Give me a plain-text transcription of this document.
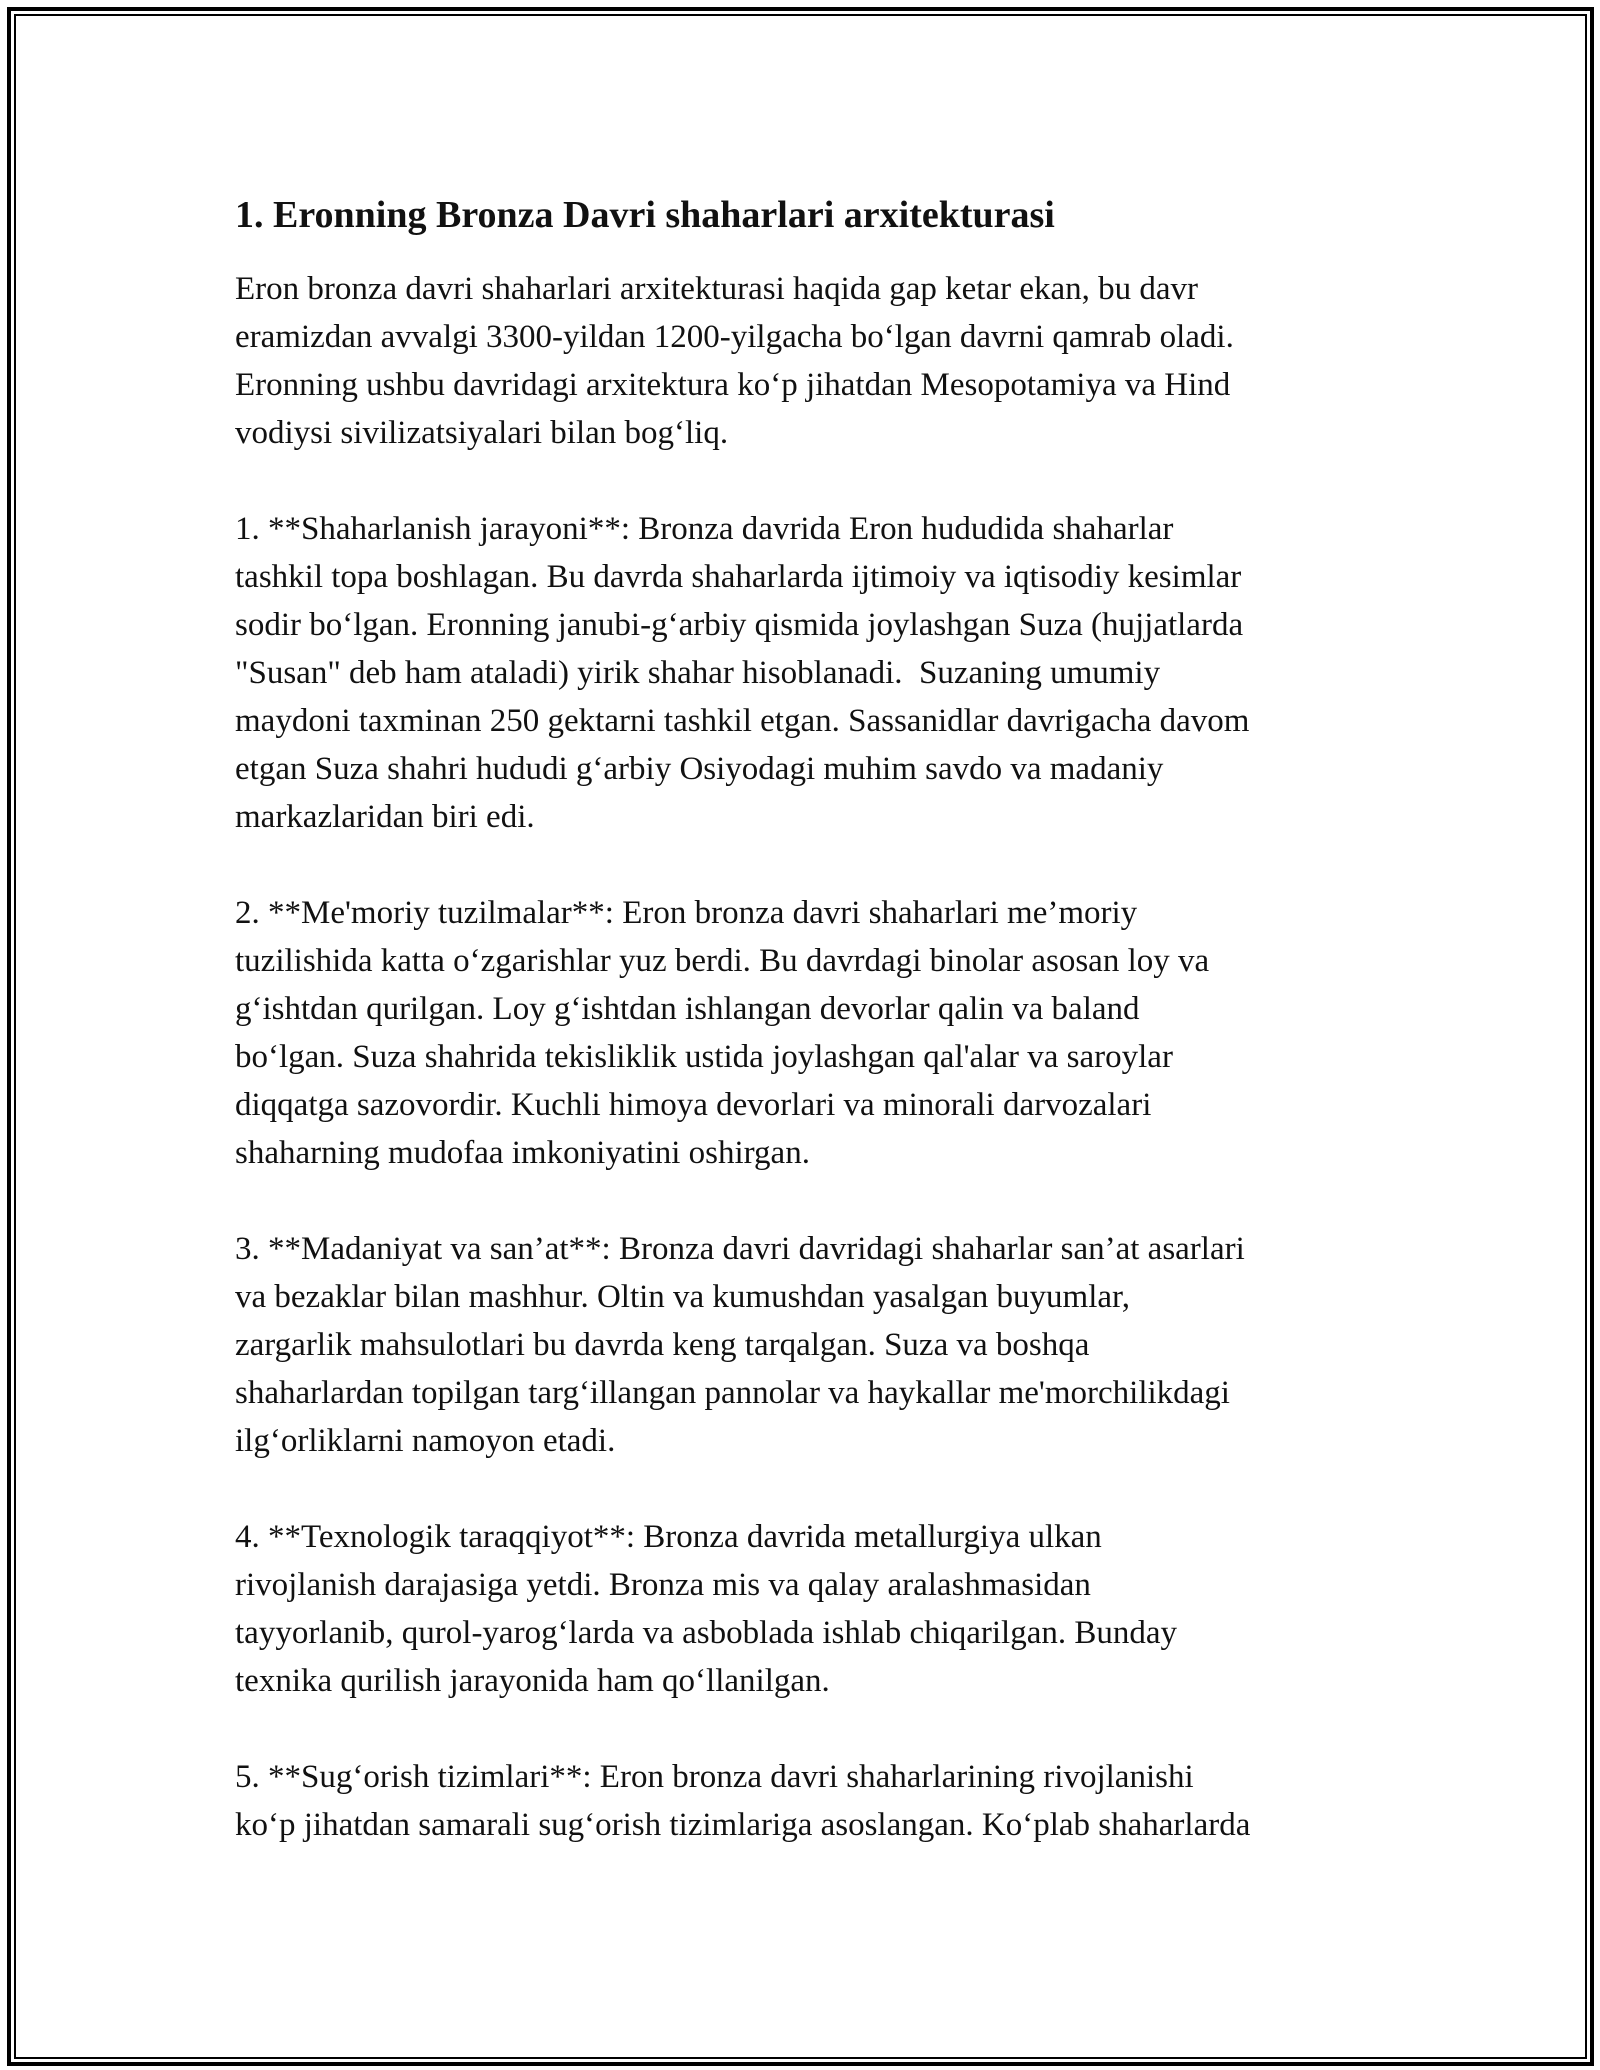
1. Eronning Bronza Davri shaharlari arxitekturasi
Eron bronza davri shaharlari arxitekturasi haqida gap ketar ekan, bu davr
eramizdan avvalgi 3300-yildan 1200-yilgacha bo‘lgan davrni qamrab oladi.
Eronning ushbu davridagi arxitektura ko‘p jihatdan Mesopotamiya va Hind
vodiysi sivilizatsiyalari bilan bog‘liq.
1. **Shaharlanish jarayoni**: Bronza davrida Eron hududida shaharlar
tashkil topa boshlagan. Bu davrda shaharlarda ijtimoiy va iqtisodiy kesimlar
sodir bo‘lgan. Eronning janubi-g‘arbiy qismida joylashgan Suza (hujjatlarda
"Susan" deb ham ataladi) yirik shahar hisoblanadi.  Suzaning umumiy
maydoni taxminan 250 gektarni tashkil etgan. Sassanidlar davrigacha davom
etgan Suza shahri hududi g‘arbiy Osiyodagi muhim savdo va madaniy
markazlaridan biri edi.
2. **Me'moriy tuzilmalar**: Eron bronza davri shaharlari me’moriy
tuzilishida katta o‘zgarishlar yuz berdi. Bu davrdagi binolar asosan loy va
g‘ishtdan qurilgan. Loy g‘ishtdan ishlangan devorlar qalin va baland
bo‘lgan. Suza shahrida tekisliklik ustida joylashgan qal'alar va saroylar
diqqatga sazovordir. Kuchli himoya devorlari va minorali darvozalari
shaharning mudofaa imkoniyatini oshirgan.
3. **Madaniyat va san’at**: Bronza davri davridagi shaharlar san’at asarlari
va bezaklar bilan mashhur. Oltin va kumushdan yasalgan buyumlar,
zargarlik mahsulotlari bu davrda keng tarqalgan. Suza va boshqa
shaharlardan topilgan targ‘illangan pannolar va haykallar me'morchilikdagi
ilg‘orliklarni namoyon etadi.
4. **Texnologik taraqqiyot**: Bronza davrida metallurgiya ulkan
rivojlanish darajasiga yetdi. Bronza mis va qalay aralashmasidan
tayyorlanib, qurol-yarog‘larda va asboblada ishlab chiqarilgan. Bunday
texnika qurilish jarayonida ham qo‘llanilgan.
5. **Sug‘orish tizimlari**: Eron bronza davri shaharlarining rivojlanishi
ko‘p jihatdan samarali sug‘orish tizimlariga asoslangan. Ko‘plab shaharlarda
